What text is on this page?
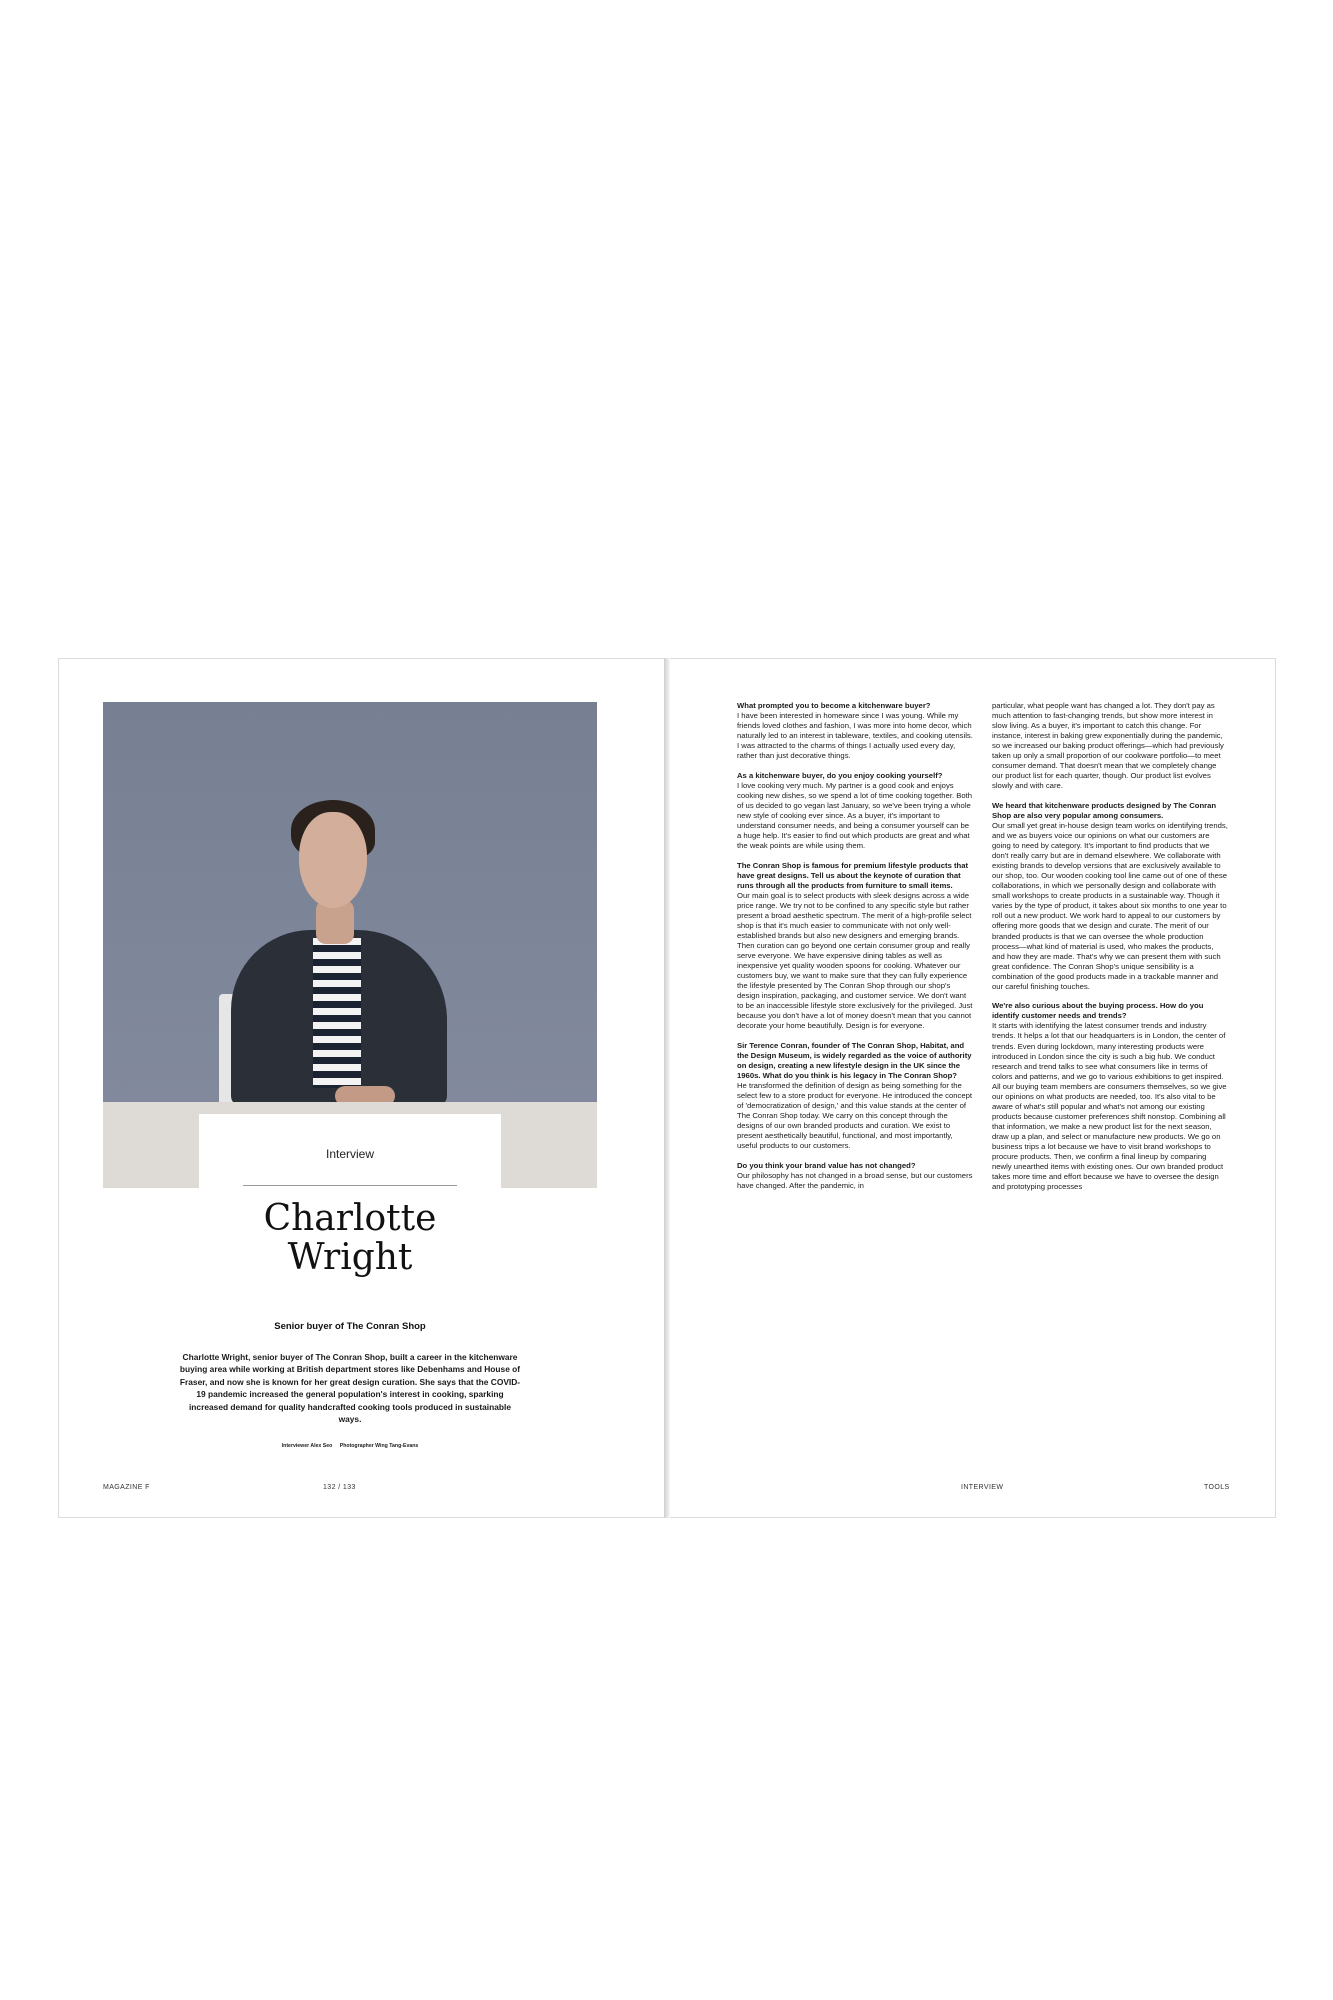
Interview
Charlotte
Wright
Senior buyer of The Conran Shop
Charlotte Wright, senior buyer of The Conran Shop, built a career in the kitchenware buying area while working at British department stores like Debenhams and House of Fraser, and now she is known for her great design curation. She says that the COVID-19 pandemic increased the general population's interest in cooking, sparking increased demand for quality handcrafted cooking tools produced in sustainable ways.
Interviewer Alex Seo Photographer Wing Tang-Evans
MAGAZINE F	132 / 133
What prompted you to become a kitchenware buyer?
I have been interested in homeware since I was young. While my friends loved clothes and fashion, I was more into home decor, which naturally led to an interest in tableware, textiles, and cooking utensils. I was attracted to the charms of things I actually used every day, rather than just decorative things.
As a kitchenware buyer, do you enjoy cooking yourself?
I love cooking very much. My partner is a good cook and enjoys cooking new dishes, so we spend a lot of time cooking together. Both of us decided to go vegan last January, so we've been trying a whole new style of cooking ever since. As a buyer, it's important to understand consumer needs, and being a consumer yourself can be a huge help. It's easier to find out which products are great and what the weak points are while using them.
The Conran Shop is famous for premium lifestyle products that have great designs. Tell us about the keynote of curation that runs through all the products from furniture to small items.
Our main goal is to select products with sleek designs across a wide price range. We try not to be confined to any specific style but rather present a broad aesthetic spectrum. The merit of a high-profile select shop is that it's much easier to communicate with not only well-established brands but also new designers and emerging brands. Then curation can go beyond one certain consumer group and really serve everyone. We have expensive dining tables as well as inexpensive yet quality wooden spoons for cooking. Whatever our customers buy, we want to make sure that they can fully experience the lifestyle presented by The Conran Shop through our shop's design inspiration, packaging, and customer service. We don't want to be an inaccessible lifestyle store exclusively for the privileged. Just because you don't have a lot of money doesn't mean that you cannot decorate your home beautifully. Design is for everyone.
Sir Terence Conran, founder of The Conran Shop, Habitat, and the Design Museum, is widely regarded as the voice of authority on design, creating a new lifestyle design in the UK since the 1960s. What do you think is his legacy in The Conran Shop?
He transformed the definition of design as being something for the select few to a store product for everyone. He introduced the concept of 'democratization of design,' and this value stands at the center of The Conran Shop today. We carry on this concept through the designs of our own branded products and curation. We exist to present aesthetically beautiful, functional, and most importantly, useful products to our customers.
Do you think your brand value has not changed?
Our philosophy has not changed in a broad sense, but our customers have changed. After the pandemic, in
particular, what people want has changed a lot. They don't pay as much attention to fast-changing trends, but show more interest in slow living. As a buyer, it's important to catch this change. For instance, interest in baking grew exponentially during the pandemic, so we increased our baking product offerings—which had previously taken up only a small proportion of our cookware portfolio—to meet consumer demand. That doesn't mean that we completely change our product list for each quarter, though. Our product list evolves slowly and with care.
We heard that kitchenware products designed by The Conran Shop are also very popular among consumers.
Our small yet great in-house design team works on identifying trends, and we as buyers voice our opinions on what our customers are going to need by category. It's important to find products that we don't really carry but are in demand elsewhere. We collaborate with existing brands to develop versions that are exclusively available to our shop, too. Our wooden cooking tool line came out of one of these collaborations, in which we personally design and collaborate with small workshops to create products in a sustainable way. Though it varies by the type of product, it takes about six months to one year to roll out a new product. We work hard to appeal to our customers by offering more goods that we design and curate. The merit of our branded products is that we can oversee the whole production process—what kind of material is used, who makes the products, and how they are made. That's why we can present them with such great confidence. The Conran Shop's unique sensibility is a combination of the good products made in a trackable manner and our careful finishing touches.
We're also curious about the buying process. How do you identify customer needs and trends?
It starts with identifying the latest consumer trends and industry trends. It helps a lot that our headquarters is in London, the center of trends. Even during lockdown, many interesting products were introduced in London since the city is such a big hub. We conduct research and trend talks to see what consumers like in terms of colors and patterns, and we go to various exhibitions to get inspired. All our buying team members are consumers themselves, so we give our opinions on what products are needed, too. It's also vital to be aware of what's still popular and what's not among our existing products because customer preferences shift nonstop. Combining all that information, we make a new product list for the next season, draw up a plan, and select or manufacture new products. We go on business trips a lot because we have to visit brand workshops to procure products. Then, we confirm a final lineup by comparing newly unearthed items with existing ones. Our own branded product takes more time and effort because we have to oversee the design and prototyping processes
INTERVIEW	TOOLS
